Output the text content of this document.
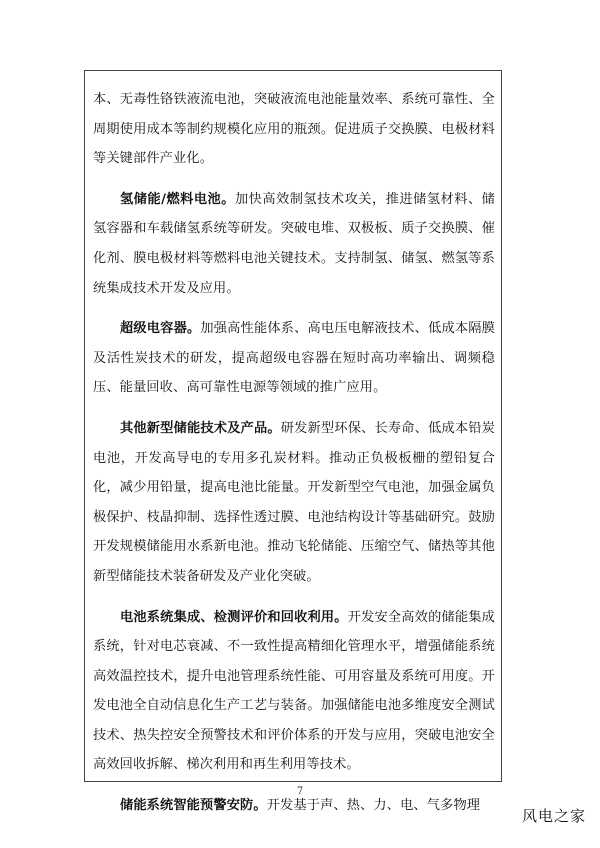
本、无毒性铬铁液流电池，突破液流电池能量效率、系统可靠性、全周期使用成本等制约规模化应用的瓶颈。促进质子交换膜、电极材料等关键部件产业化。

氢储能/燃料电池。加快高效制氢技术攻关，推进储氢材料、储氢容器和车载储氢系统等研发。突破电堆、双极板、质子交换膜、催化剂、膜电极材料等燃料电池关键技术。支持制氢、储氢、燃氢等系统集成技术开发及应用。

超级电容器。加强高性能体系、高电压电解液技术、低成本隔膜及活性炭技术的研发，提高超级电容器在短时高功率输出、调频稳压、能量回收、高可靠性电源等领域的推广应用。

其他新型储能技术及产品。研发新型环保、长寿命、低成本铅炭电池，开发高导电的专用多孔炭材料。推动正负极板栅的塑铅复合化，减少用铅量，提高电池比能量。开发新型空气电池，加强金属负极保护、枝晶抑制、选择性透过膜、电池结构设计等基础研究。鼓励开发规模储能用水系新电池。推动飞轮储能、压缩空气、储热等其他新型储能技术装备研发及产业化突破。

电池系统集成、检测评价和回收利用。开发安全高效的储能集成系统，针对电芯衰减、不一致性提高精细化管理水平，增强储能系统高效温控技术，提升电池管理系统性能、可用容量及系统可用度。开发电池全自动信息化生产工艺与装备。加强储能电池多维度安全测试技术、热失控安全预警技术和评价体系的开发与应用，突破电池安全高效回收拆解、梯次利用和再生利用等技术。

储能系统智能预警安防。开发基于声、热、力、电、气多物理

7
风电之家
